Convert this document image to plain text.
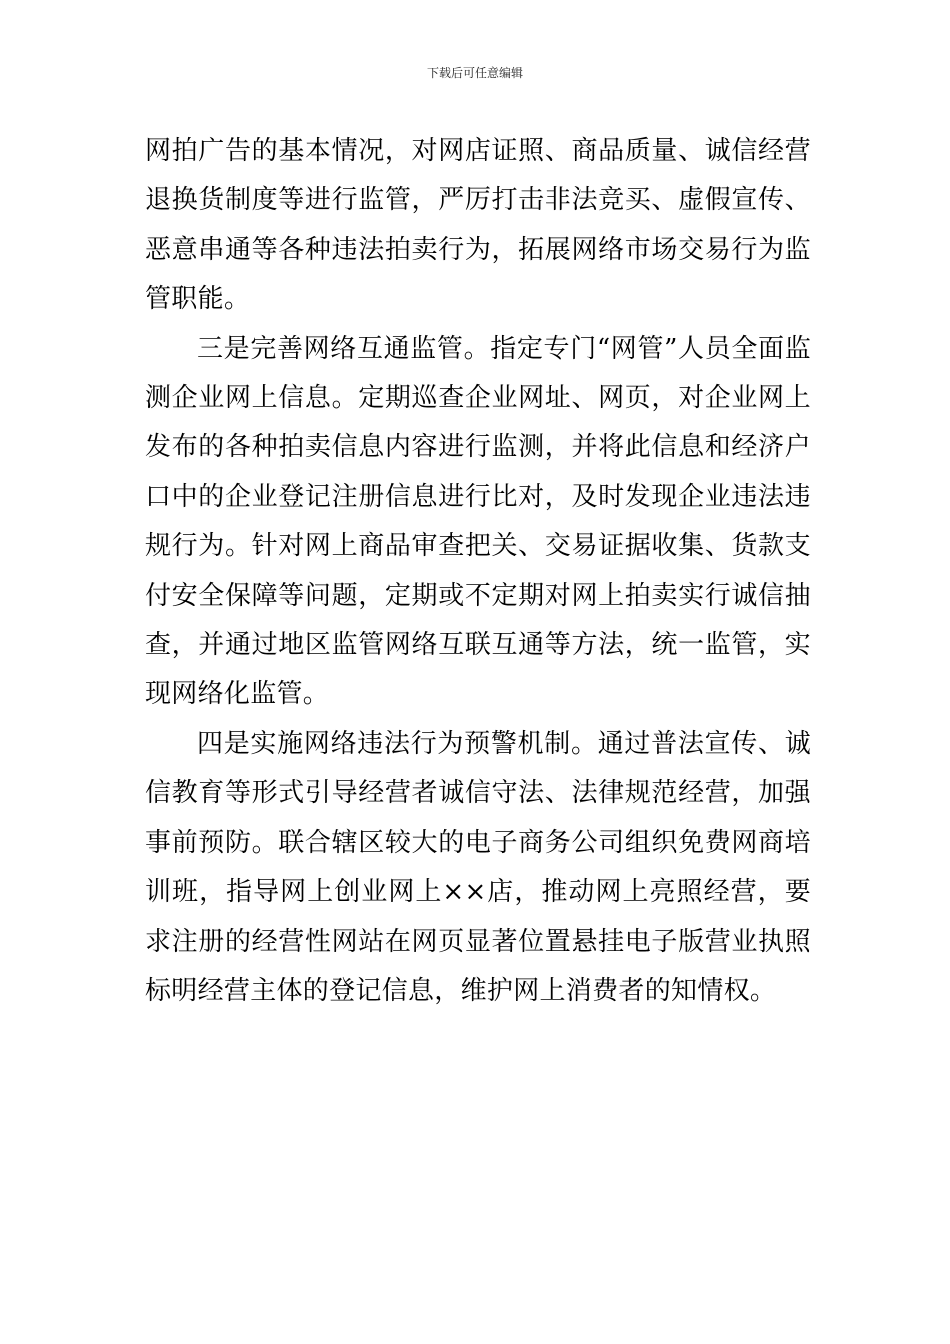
下载后可任意编辑

网拍广告的基本情况，对网店证照、商品质量、诚信经营退换货制度等进行监管，严厉打击非法竞买、虚假宣传、恶意串通等各种违法拍卖行为，拓展网络市场交易行为监管职能。

三是完善网络互通监管。指定专门“网管”人员全面监测企业网上信息。定期巡查企业网址、网页，对企业网上发布的各种拍卖信息内容进行监测，并将此信息和经济户口中的企业登记注册信息进行比对，及时发现企业违法违规行为。针对网上商品审查把关、交易证据收集、货款支付安全保障等问题，定期或不定期对网上拍卖实行诚信抽查，并通过地区监管网络互联互通等方法，统一监管，实现网络化监管。

四是实施网络违法行为预警机制。通过普法宣传、诚信教育等形式引导经营者诚信守法、法律规范经营，加强事前预防。联合辖区较大的电子商务公司组织免费网商培训班，指导网上创业网上××店，推动网上亮照经营，要求注册的经营性网站在网页显著位置悬挂电子版营业执照标明经营主体的登记信息，维护网上消费者的知情权。
